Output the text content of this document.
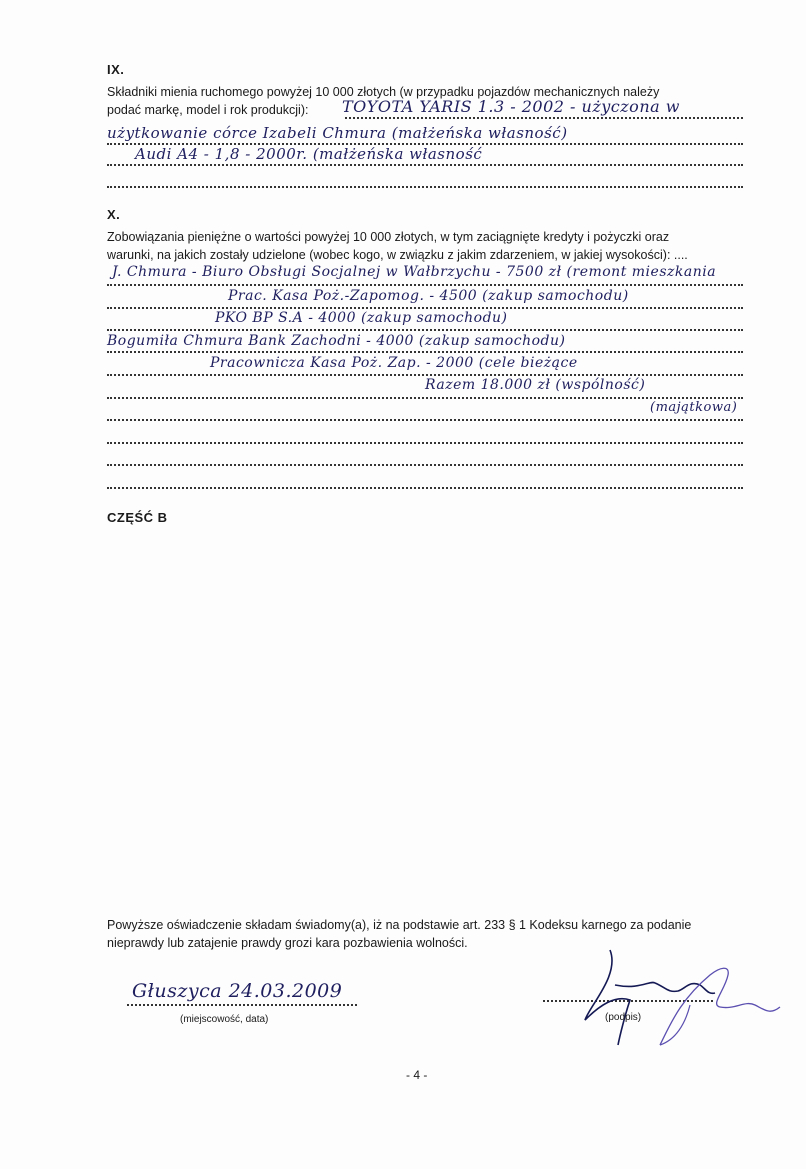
IX.
Składniki mienia ruchomego powyżej 10 000 złotych (w przypadku pojazdów mechanicznych należy
podać markę, model i rok produkcji): TOYOTA YARIS 1.3 - 2002 - użyczona w
użytkowanie córce Izabeli Chmura (małżeńska własność)
Audi A4 - 1,8 - 2000r. (małżeńska własność
X.
Zobowiązania pieniężne o wartości powyżej 10 000 złotych, w tym zaciągnięte kredyty i pożyczki oraz
warunki, na jakich zostały udzielone (wobec kogo, w związku z jakim zdarzeniem, w jakiej wysokości): ....
J. Chmura - Biuro Obsługi Socjalnej w Wałbrzychu - 7500 zł (remont mieszkania
Prac. Kasa Poż.-Zapomog. - 4500 (zakup samochodu)
PKO BP S.A - 4000 (zakup samochodu)
Bogumiła Chmura Bank Zachodni - 4000 (zakup samochodu)
Pracownicza Kasa Poż. Zap. - 2000 (cele bieżące
Razem 18.000 zł (wspólność)
(majątkowa)
CZĘŚĆ B
Powyższe oświadczenie składam świadomy(a), iż na podstawie art. 233 § 1 Kodeksu karnego za podanie
nieprawdy lub zatajenie prawdy grozi kara pozbawienia wolności.
Głuszyca 24.03.2009
(miejscowość, data)	(podpis)
- 4 -
